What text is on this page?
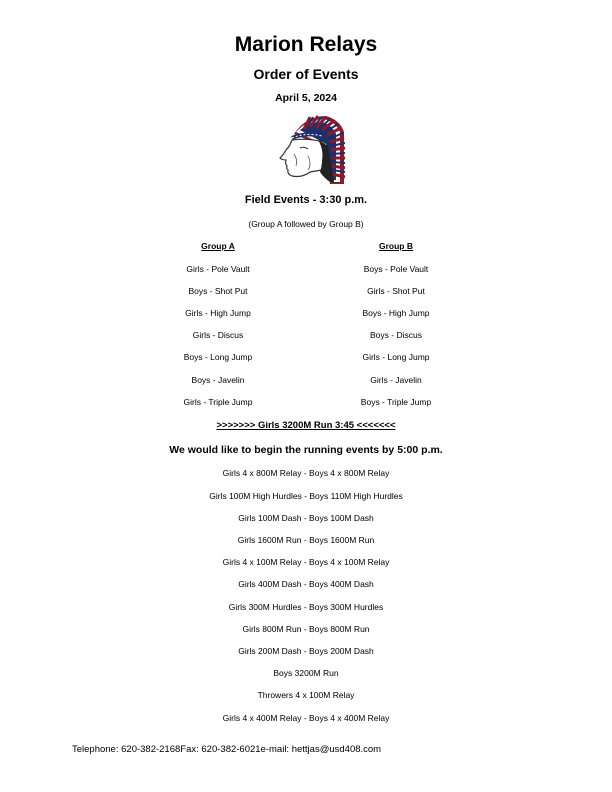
Marion Relays
Order of Events
April 5, 2024
Field Events - 3:30 p.m.
(Group A followed by Group B)
Group A	Group B
Girls - Pole Vault
Boys - Shot Put
Girls - High Jump
Girls - Discus
Boys - Long Jump
Boys - Javelin
Girls - Triple Jump
Boys - Pole Vault
Girls - Shot Put
Boys - High Jump
Boys - Discus
Girls - Long Jump
Girls - Javelin
Boys - Triple Jump
>>>>>>> Girls 3200M Run 3:45 <<<<<<<
We would like to begin the running events by 5:00 p.m.
Girls 4 x 800M Relay - Boys 4 x 800M Relay
Girls 100M High Hurdles - Boys 110M High Hurdles
Girls 100M Dash - Boys 100M Dash
Girls 1600M Run - Boys 1600M Run
Girls 4 x 100M Relay - Boys 4 x 100M Relay
Girls 400M Dash - Boys 400M Dash
Girls 300M Hurdles - Boys 300M Hurdles
Girls 800M Run - Boys 800M Run
Girls 200M Dash - Boys 200M Dash
Boys 3200M Run
Throwers 4 x 100M Relay
Girls 4 x 400M Relay - Boys 4 x 400M Relay
Telephone: 620-382-2168Fax: 620-382-6021e-mail: hettjas@usd408.com
